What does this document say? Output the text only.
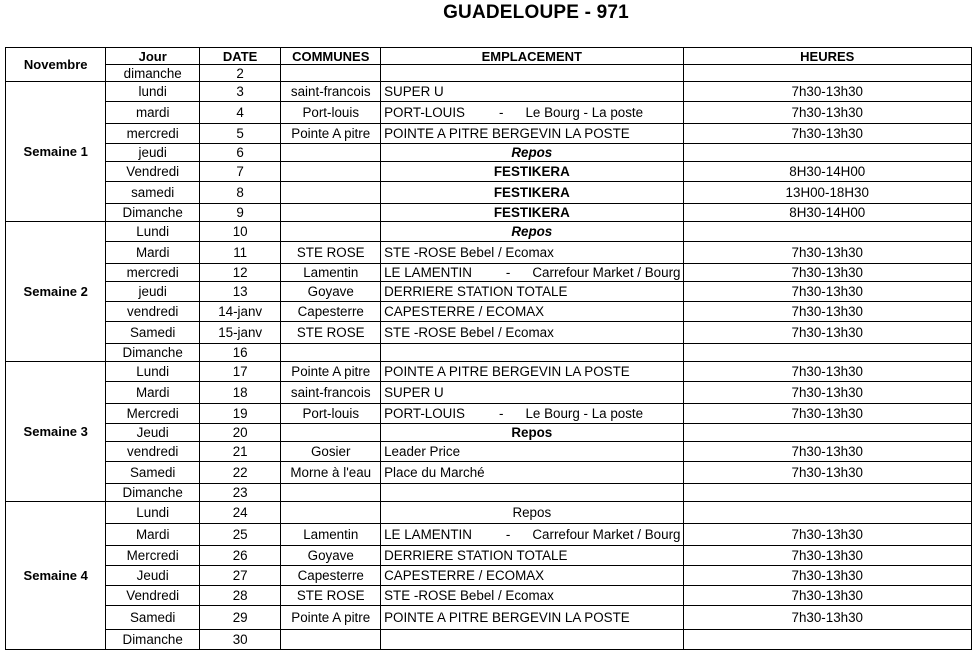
GUADELOUPE - 971
Novembre	Jour	DATE	COMMUNES	EMPLACEMENT	HEURES
	dimanche	2			
Semaine 1	lundi	3	saint-francois	SUPER U	7h30-13h30
	mardi	4	Port-louis	PORT-LOUIS - Le Bourg - La poste	7h30-13h30
	mercredi	5	Pointe A pitre	POINTE A PITRE BERGEVIN LA POSTE	7h30-13h30
	jeudi	6		Repos	
	Vendredi	7		FESTIKERA	8H30-14H00
	samedi	8		FESTIKERA	13H00-18H30
	Dimanche	9		FESTIKERA	8H30-14H00
Semaine 2	Lundi	10		Repos	
	Mardi	11	STE ROSE	STE -ROSE Bebel / Ecomax	7h30-13h30
	mercredi	12	Lamentin	LE LAMENTIN - Carrefour Market / Bourg	7h30-13h30
	jeudi	13	Goyave	DERRIERE STATION TOTALE	7h30-13h30
	vendredi	14-janv	Capesterre	CAPESTERRE / ECOMAX	7h30-13h30
	Samedi	15-janv	STE ROSE	STE -ROSE Bebel / Ecomax	7h30-13h30
	Dimanche	16			
Semaine 3	Lundi	17	Pointe A pitre	POINTE A PITRE BERGEVIN LA POSTE	7h30-13h30
	Mardi	18	saint-francois	SUPER U	7h30-13h30
	Mercredi	19	Port-louis	PORT-LOUIS - Le Bourg - La poste	7h30-13h30
	Jeudi	20		Repos	
	vendredi	21	Gosier	Leader Price	7h30-13h30
	Samedi	22	Morne à l'eau	Place du Marché	7h30-13h30
	Dimanche	23			
Semaine 4	Lundi	24		Repos	
	Mardi	25	Lamentin	LE LAMENTIN - Carrefour Market / Bourg	7h30-13h30
	Mercredi	26	Goyave	DERRIERE STATION TOTALE	7h30-13h30
	Jeudi	27	Capesterre	CAPESTERRE / ECOMAX	7h30-13h30
	Vendredi	28	STE ROSE	STE -ROSE Bebel / Ecomax	7h30-13h30
	Samedi	29	Pointe A pitre	POINTE A PITRE BERGEVIN LA POSTE	7h30-13h30
	Dimanche	30			
